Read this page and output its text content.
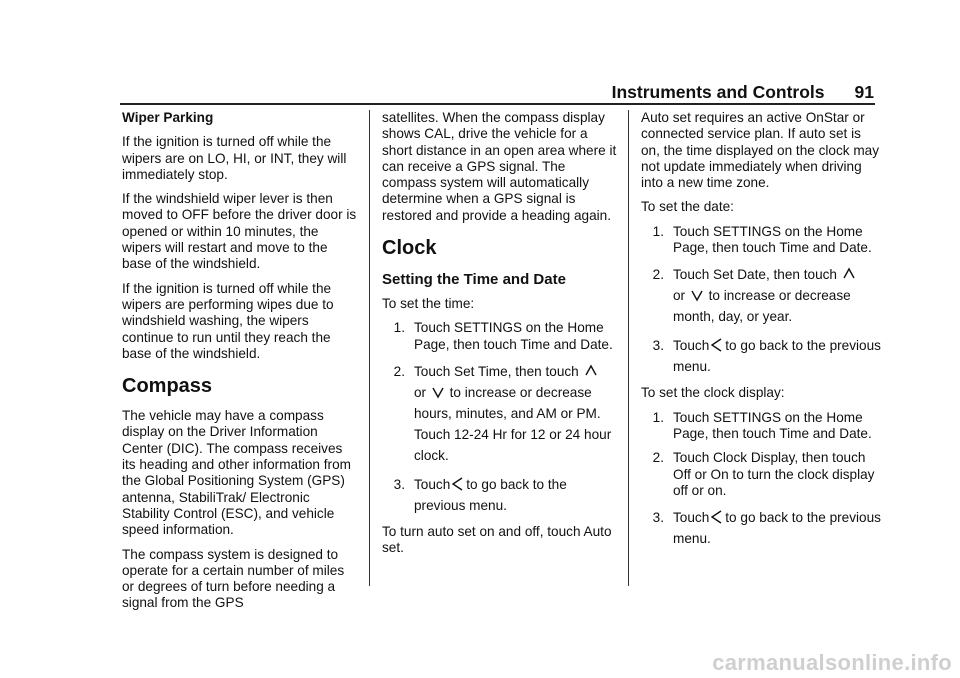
Instruments and Controls 91
Wiper Parking

If the ignition is turned off while the wipers are on LO, HI, or INT, they will immediately stop.

If the windshield wiper lever is then moved to OFF before the driver door is opened or within 10 minutes, the wipers will restart and move to the base of the windshield.

If the ignition is turned off while the wipers are performing wipes due to windshield washing, the wipers continue to run until they reach the base of the windshield.

Compass

The vehicle may have a compass display on the Driver Information Center (DIC). The compass receives its heading and other information from the Global Positioning System (GPS) antenna, StabiliTrak/ Electronic Stability Control (ESC), and vehicle speed information.

The compass system is designed to operate for a certain number of miles or degrees of turn before needing a signal from the GPS

satellites. When the compass display shows CAL, drive the vehicle for a short distance in an open area where it can receive a GPS signal. The compass system will automatically determine when a GPS signal is restored and provide a heading again.

Clock
Setting the Time and Date

To set the time:

1. Touch SETTINGS on the Home Page, then touch Time and Date.
2. Touch Set Time, then touch
or to increase or decrease hours, minutes, and AM or PM. Touch 12‐24 Hr for 12 or 24 hour clock.
3. Touch to go back to the previous menu.

To turn auto set on and off, touch Auto set.

Auto set requires an active OnStar or connected service plan. If auto set is on, the time displayed on the clock may not update immediately when driving into a new time zone.

To set the date:

1. Touch SETTINGS on the Home Page, then touch Time and Date.
2. Touch Set Date, then touch
or to increase or decrease month, day, or year.
3. Touch to go back to the previous menu.

To set the clock display:

1. Touch SETTINGS on the Home Page, then touch Time and Date.
2. Touch Clock Display, then touch Off or On to turn the clock display off or on.
3. Touch to go back to the previous menu.
carmanualsonline.info
